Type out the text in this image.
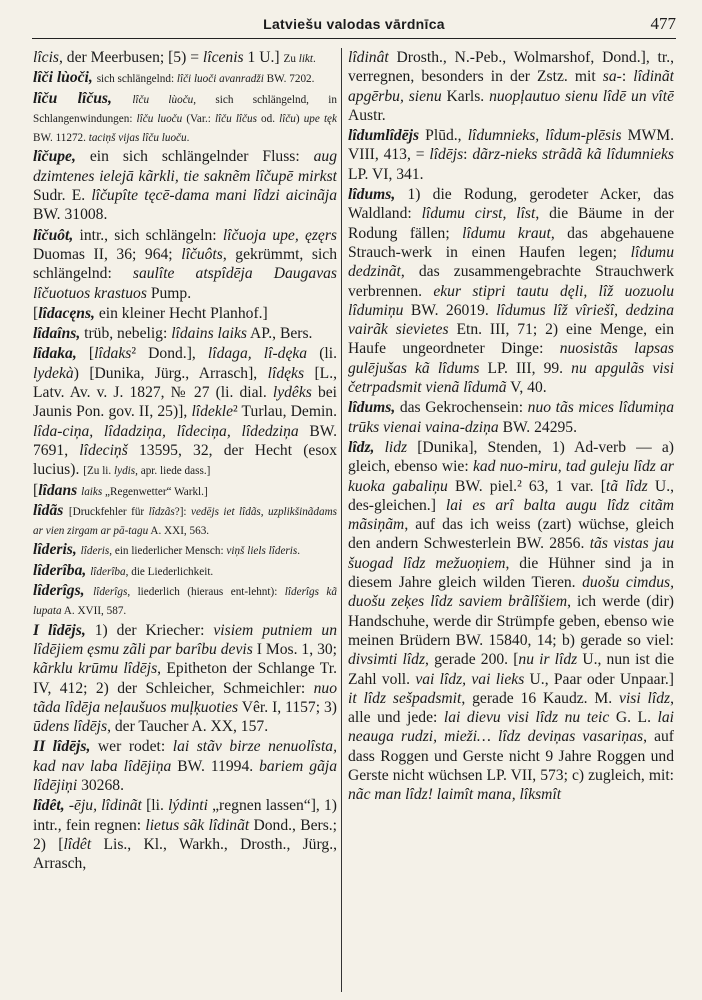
Latviešu valodas vārdnīca	477

lîcis, der Meerbusen; [5) = lîcenis 1 U.] Zu likt.

lîči lùoči, sich schlängelnd: lîči luoči avanradži BW. 7202.

lîču lîčus, lîču lùoču, sich schlängelnd, in Schlangenwindungen: lîču luoču (Var.: lîču lîčus od. lîču) upe tęk BW. 11272. taciņš vijas lîču luoču.

lîčupe, ein sich schlängelnder Fluss: aug dzimtenes ielejā kãrkli, tie saknẽm lîčupē mirkst Sudr. E. lîčupîte tęcē-dama mani lîdzi aicinãja BW. 31008.

lîčuôt, intr., sich schlängeln: lîčuoja upe, ęzęrs Duomas II, 36; 964; lîčuôts, gekrümmt, sich schlängelnd: saulîte atspîdēja Daugavas lîčuotuos krastuos Pump.

[lîdacęns, ein kleiner Hecht Planhof.]

lîdaîns, trüb, nebelig: lîdains laiks AP., Bers.

lîdaka, [lîdaks² Dond.], lîdaga, lî-dęka (li. lydekà) [Dunika, Jürg., Arrasch], lîdęks [L., Latv. Av. v. J. 1827, № 27 (li. dial. lydêks bei Jaunis Pon. gov. II, 25)], lîdekle² Turlau, Demin. lîda-ciņa, lîdadziņa, lîdeciņa, lîdedziņa BW. 7691, lîdeciņš 13595, 32, der Hecht (esox lucius). [Zu li. lydis, apr. liede dass.]

[lîdans laiks „Regenwetter“ Warkl.]

lîdãs [Druckfehler für lîdzãs?]: vedējs iet lîdãs, uzplikšinãdams ar vien zirgam ar pā-tagu A. XXI, 563.

lîderis, lîderis, ein liederlicher Mensch: viņš liels lîderis.

lîderîba, lîderîba, die Liederlichkeit.

lîderîgs, lîderîgs, liederlich (hieraus ent-lehnt): lîderîgs kã lupata A. XVII, 587.

I lîdējs, 1) der Kriecher: visiem putniem un lîdējiem ęsmu zãli par barîbu devis I Mos. 1, 30; kãrklu krūmu lîdējs, Epitheton der Schlange Tr. IV, 412; 2) der Schleicher, Schmeichler: nuo tãda lîdēja neļaušuos muļķuoties Vêr. I, 1157; 3) ūdens lîdējs, der Taucher A. XX, 157.

II lîdējs, wer rodet: lai stãv birze nenuolîsta, kad nav laba lîdējiņa BW. 11994. bariem gãja lîdējiņi 30268.

lîdêt, -ēju, lîdinãt [li. lýdinti „regnen lassen“], 1) intr., fein regnen: lietus sãk lîdinãt Dond., Bers.; 2) [lîdêt Lis., Kl., Warkh., Drosth., Jürg., Arrasch,

lîdinât Drosth., N.-Peb., Wolmarshof, Dond.], tr., verregnen, besonders in der Zstz. mit sa-: lîdinãt apgērbu, sienu Karls. nuopļautuo sienu lîdē un vîtē Austr.

lîdumlîdējs Plūd., lîdumnieks, lîdum-plēsis MWM. VIII, 413, = lîdējs: dãrz-nieks strãdã kã lîdumnieks LP. VI, 341.

lîdums, 1) die Rodung, gerodeter Acker, das Waldland: lîdumu cirst, lîst, die Bäume in der Rodung fällen; lîdumu kraut, das abgehauene Strauch-werk in einen Haufen legen; lîdumu dedzinãt, das zusammengebrachte Strauchwerk verbrennen. ekur stipri tautu dęli, lîž uozuolu lîdumiņu BW. 26019. lîdumus lîž vîriešî, dedzina vairãk sievietes Etn. III, 71; 2) eine Menge, ein Haufe ungeordneter Dinge: nuosistãs lapsas gulējušas kã lîdums LP. III, 99. nu apgulãs visi četrpadsmit vienã lîdumã V, 40.

lîdums, das Gekrochensein: nuo tãs mices lîdumiņa trūks vienai vaina-dziņa BW. 24295.

lîdz, lidz [Dunika], Stenden, 1) Ad-verb — a) gleich, ebenso wie: kad nuo-miru, tad guleju lîdz ar kuoka gabaliņu BW. piel.² 63, 1 var. [tã lîdz U., des-gleichen.] lai es arî balta augu lîdz citãm mãsiņãm, auf das ich weiss (zart) wüchse, gleich den andern Schwesterlein BW. 2856. tãs vistas jau šuogad lîdz mežuoņiem, die Hühner sind ja in diesem Jahre gleich wilden Tieren. duošu cimdus, duošu zeķes lîdz saviem brãlîšiem, ich werde (dir) Handschuhe, werde dir Strümpfe geben, ebenso wie meinen Brüdern BW. 15840, 14; b) gerade so viel: divsimti lîdz, gerade 200. [nu ir lîdz U., nun ist die Zahl voll. vai lîdz, vai lieks U., Paar oder Unpaar.] it lîdz sešpadsmit, gerade 16 Kaudz. M. visi lîdz, alle und jede: lai dievu visi lîdz nu teic G. L. lai neauga rudzi, mieži… lîdz deviņas vasariņas, auf dass Roggen und Gerste nicht 9 Jahre Roggen und Gerste nicht wüchsen LP. VII, 573; c) zugleich, mit: nãc man lîdz! laimît mana, lîksmît
